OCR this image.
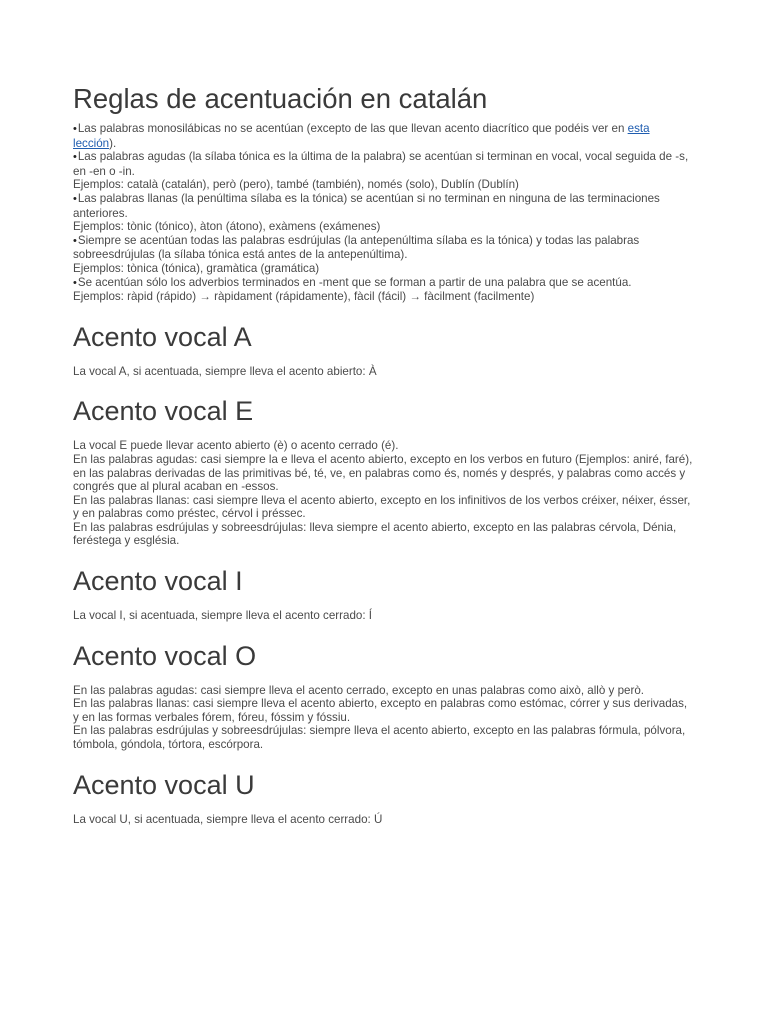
Reglas de acentuación en catalán
•Las palabras monosilábicas no se acentúan (excepto de las que llevan acento diacrítico que podéis ver en esta lección).
•Las palabras agudas (la sílaba tónica es la última de la palabra) se acentúan si terminan en vocal, vocal seguida de -s, en -en o -in.
Ejemplos: català (catalán), però (pero), també (también), només (solo), Dublín (Dublín)
•Las palabras llanas (la penúltima sílaba es la tónica) se acentúan si no terminan en ninguna de las terminaciones anteriores.
Ejemplos: tònic (tónico), àton (átono), exàmens (exámenes)
•Siempre se acentúan todas las palabras esdrújulas (la antepenúltima sílaba es la tónica) y todas las palabras sobreesdrújulas (la sílaba tónica está antes de la antepenúltima).
Ejemplos: tònica (tónica), gramàtica (gramática)
•Se acentúan sólo los adverbios terminados en -ment que se forman a partir de una palabra que se acentúa.
Ejemplos: ràpid (rápido) → ràpidament (rápidamente), fàcil (fácil) → fàcilment (facilmente)
Acento vocal A

La vocal A, si acentuada, siempre lleva el acento abierto: À

Acento vocal E

La vocal E puede llevar acento abierto (è) o acento cerrado (é).

En las palabras agudas: casi siempre la e lleva el acento abierto, excepto en los verbos en futuro (Ejemplos: aniré, faré), en las palabras derivadas de las primitivas bé, té, ve, en palabras como és, només y després, y palabras como accés y congrés que al plural acaban en -essos.

En las palabras llanas: casi siempre lleva el acento abierto, excepto en los infinitivos de los verbos créixer, néixer, ésser, y en palabras como préstec, cérvol i préssec.

En las palabras esdrújulas y sobreesdrújulas: lleva siempre el acento abierto, excepto en las palabras cérvola, Dénia, feréstega y església.

Acento vocal I

La vocal I, si acentuada, siempre lleva el acento cerrado: Í

Acento vocal O

En las palabras agudas: casi siempre lleva el acento cerrado, excepto en unas palabras como això, allò y però.

En las palabras llanas: casi siempre lleva el acento abierto, excepto en palabras como estómac, córrer y sus derivadas, y en las formas verbales fórem, fóreu, fóssim y fóssiu.

En las palabras esdrújulas y sobreesdrújulas: siempre lleva el acento abierto, excepto en las palabras fórmula, pólvora, tómbola, góndola, tórtora, escórpora.

Acento vocal U

La vocal U, si acentuada, siempre lleva el acento cerrado: Ú
